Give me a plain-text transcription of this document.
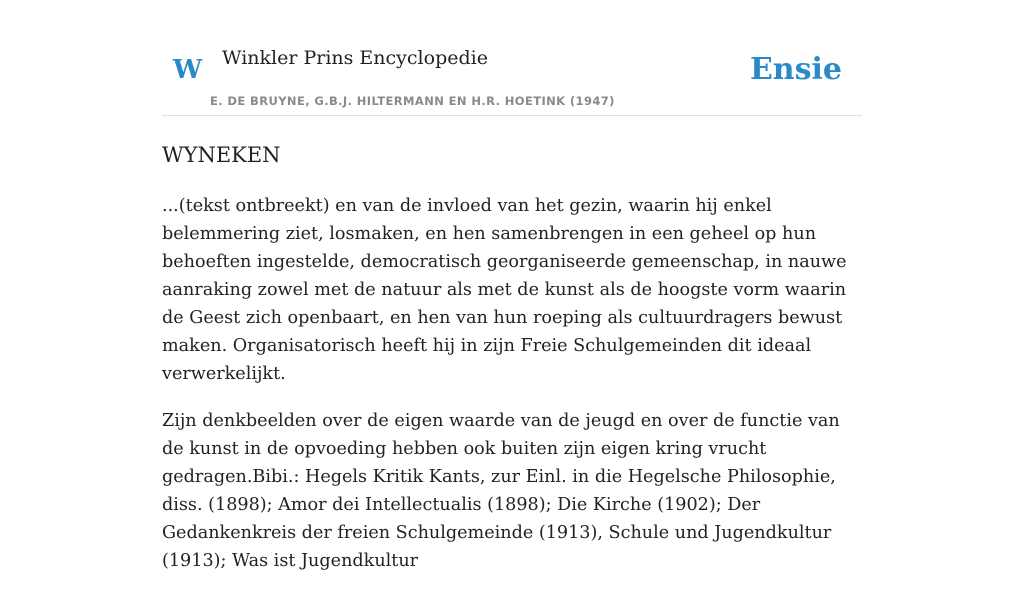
W Winkler Prins Encyclopedie
E. DE BRUYNE, G.B.J. HILTERMANN EN H.R. HOETINK (1947)
Ensie
WYNEKEN

...(tekst ontbreekt) en van de invloed van het gezin, waarin hij enkel belemmering ziet, losmaken, en hen samenbrengen in een geheel op hun behoeften ingestelde, democratisch georganiseerde gemeenschap, in nauwe aanraking zowel met de natuur als met de kunst als de hoogste vorm waarin de Geest zich openbaart, en hen van hun roeping als cultuurdragers bewust maken. Organisatorisch heeft hij in zijn Freie Schulgemeinden dit ideaal verwerkelijkt.

Zijn denkbeelden over de eigen waarde van de jeugd en over de functie van de kunst in de opvoeding hebben ook buiten zijn eigen kring vrucht gedragen.Bibi.: Hegels Kritik Kants, zur Einl. in die Hegelsche Philosophie, diss. (1898); Amor dei Intellectualis (1898); Die Kirche (1902); Der Gedankenkreis der freien Schulgemeinde (1913), Schule und Jugendkultur (1913); Was ist Jugendkultur
